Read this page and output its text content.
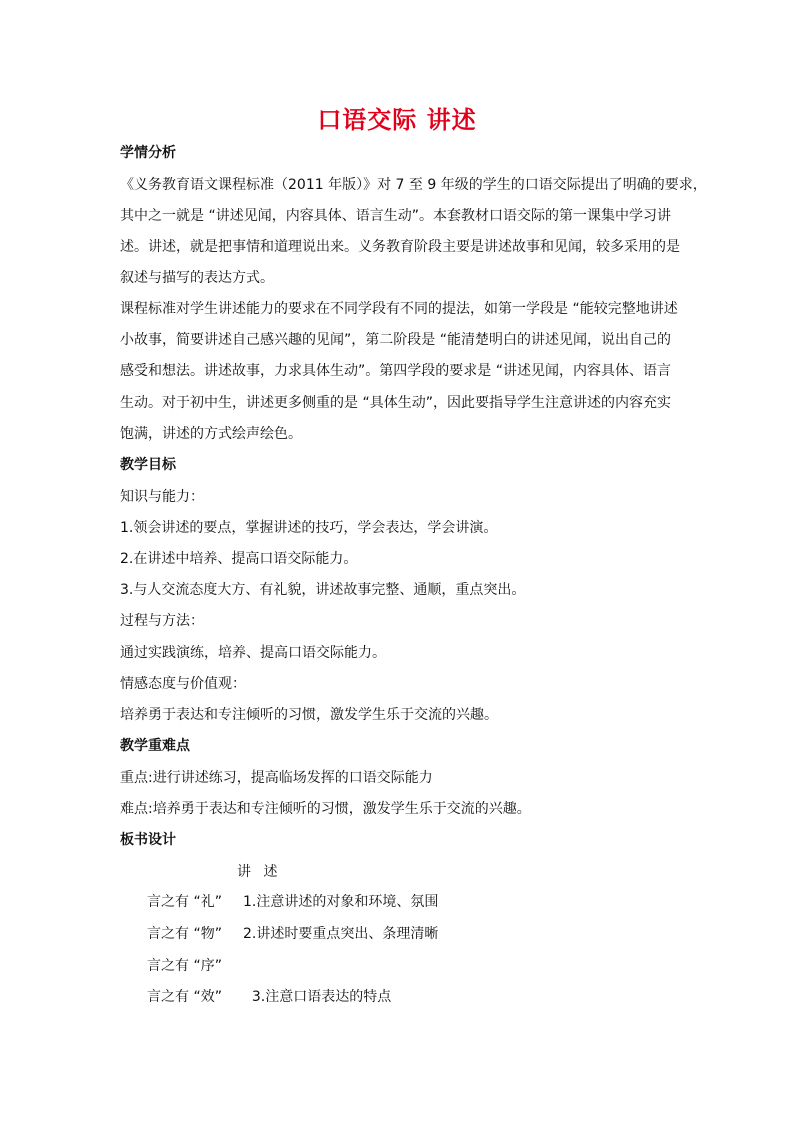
口语交际 讲述
学情分析
《义务教育语文课程标准（2011 年版）》对 7 至 9 年级的学生的口语交际提出了明确的要求，
其中之一就是 “讲述见闻，内容具体、语言生动”。本套教材口语交际的第一课集中学习讲
述。讲述，就是把事情和道理说出来。义务教育阶段主要是讲述故事和见闻，较多采用的是
叙述与描写的表达方式。
课程标准对学生讲述能力的要求在不同学段有不同的提法，如第一学段是 “能较完整地讲述
小故事，简要讲述自己感兴趣的见闻”，第二阶段是 “能清楚明白的讲述见闻，说出自己的
感受和想法。讲述故事，力求具体生动”。第四学段的要求是 “讲述见闻，内容具体、语言
生动。对于初中生，讲述更多侧重的是 “具体生动”，因此要指导学生注意讲述的内容充实
饱满，讲述的方式绘声绘色。
教学目标
知识与能力：
1.领会讲述的要点，掌握讲述的技巧，学会表达，学会讲演。
2.在讲述中培养、提高口语交际能力。
3.与人交流态度大方、有礼貌，讲述故事完整、通顺，重点突出。
过程与方法：
通过实践演练，培养、提高口语交际能力。
情感态度与价值观：
培养勇于表达和专注倾听的习惯，激发学生乐于交流的兴趣。
教学重难点
重点:进行讲述练习，提高临场发挥的口语交际能力
难点:培养勇于表达和专注倾听的习惯，激发学生乐于交流的兴趣。
板书设计
讲 述
言之有 “礼” 1.注意讲述的对象和环境、氛围
言之有 “物” 2.讲述时要重点突出、条理清晰
言之有 “序”
言之有 “效”  3.注意口语表达的特点
